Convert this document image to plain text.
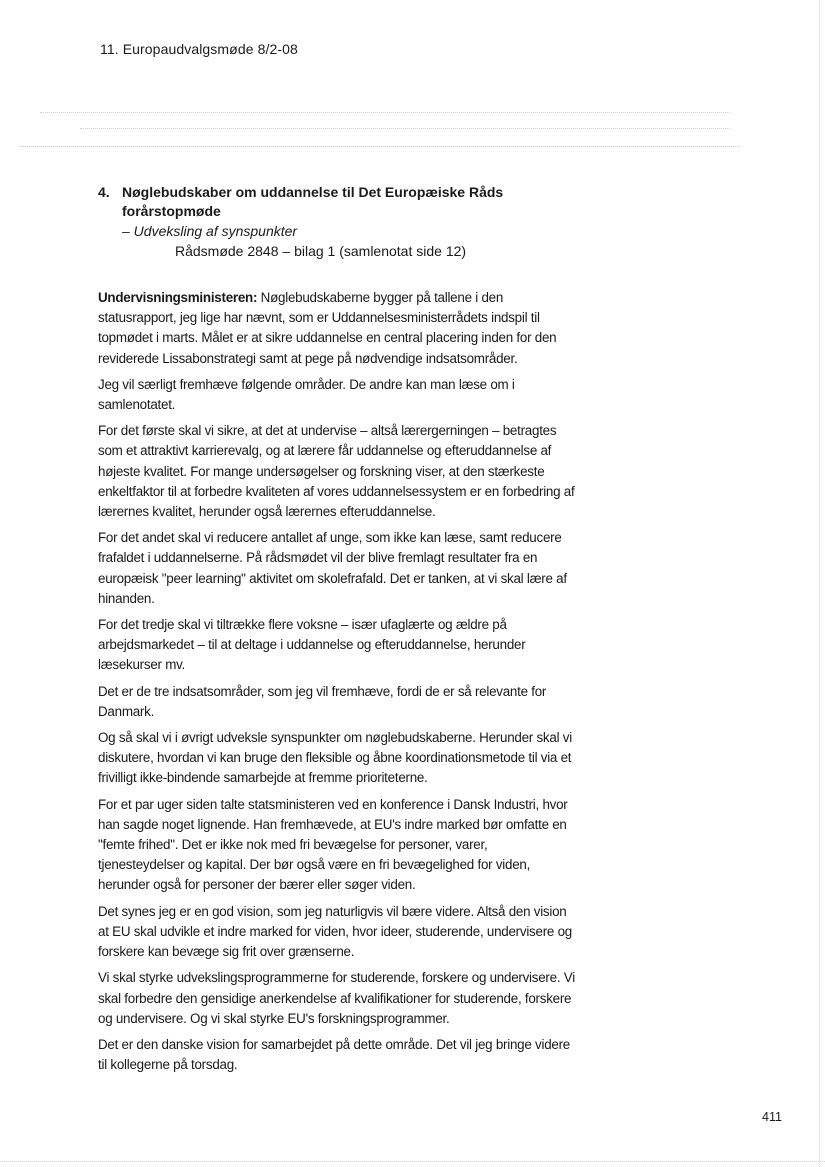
11. Europaudvalgsmøde 8/2-08
4. Nøglebudskaber om uddannelse til Det Europæiske Råds forårstopmøde
– Udveksling af synspunkter
Rådsmøde 2848 – bilag 1 (samlenotat side 12)

Undervisningsministeren: Nøglebudskaberne bygger på tallene i den statusrapport, jeg lige har nævnt, som er Uddannelsesministerrådets indspil til topmødet i marts. Målet er at sikre uddannelse en central placering inden for den reviderede Lissabonstrategi samt at pege på nødvendige indsatsområder.

Jeg vil særligt fremhæve følgende områder. De andre kan man læse om i samlenotatet.

For det første skal vi sikre, at det at undervise – altså lærergerningen – betragtes som et attraktivt karrierevalg, og at lærere får uddannelse og efteruddannelse af højeste kvalitet. For mange undersøgelser og forskning viser, at den stærkeste enkeltfaktor til at forbedre kvaliteten af vores uddannelsessystem er en forbedring af lærernes kvalitet, herunder også lærernes efteruddannelse.

For det andet skal vi reducere antallet af unge, som ikke kan læse, samt reducere frafaldet i uddannelserne. På rådsmødet vil der blive fremlagt resultater fra en europæisk "peer learning" aktivitet om skolefrafald. Det er tanken, at vi skal lære af hinanden.

For det tredje skal vi tiltrække flere voksne – især ufaglærte og ældre på arbejdsmarkedet – til at deltage i uddannelse og efteruddannelse, herunder læsekurser mv.

Det er de tre indsatsområder, som jeg vil fremhæve, fordi de er så relevante for Danmark.

Og så skal vi i øvrigt udveksle synspunkter om nøglebudskaberne. Herunder skal vi diskutere, hvordan vi kan bruge den fleksible og åbne koordinationsmetode til via et frivilligt ikke-bindende samarbejde at fremme prioriteterne.

For et par uger siden talte statsministeren ved en konference i Dansk Industri, hvor han sagde noget lignende. Han fremhævede, at EU's indre marked bør omfatte en "femte frihed". Det er ikke nok med fri bevægelse for personer, varer, tjenesteydelser og kapital. Der bør også være en fri bevægelighed for viden, herunder også for personer der bærer eller søger viden.

Det synes jeg er en god vision, som jeg naturligvis vil bære videre. Altså den vision at EU skal udvikle et indre marked for viden, hvor ideer, studerende, undervisere og forskere kan bevæge sig frit over grænserne.

Vi skal styrke udvekslingsprogrammerne for studerende, forskere og undervisere. Vi skal forbedre den gensidige anerkendelse af kvalifikationer for studerende, forskere og undervisere. Og vi skal styrke EU's forskningsprogrammer.

Det er den danske vision for samarbejdet på dette område. Det vil jeg bringe videre til kollegerne på torsdag.

411
